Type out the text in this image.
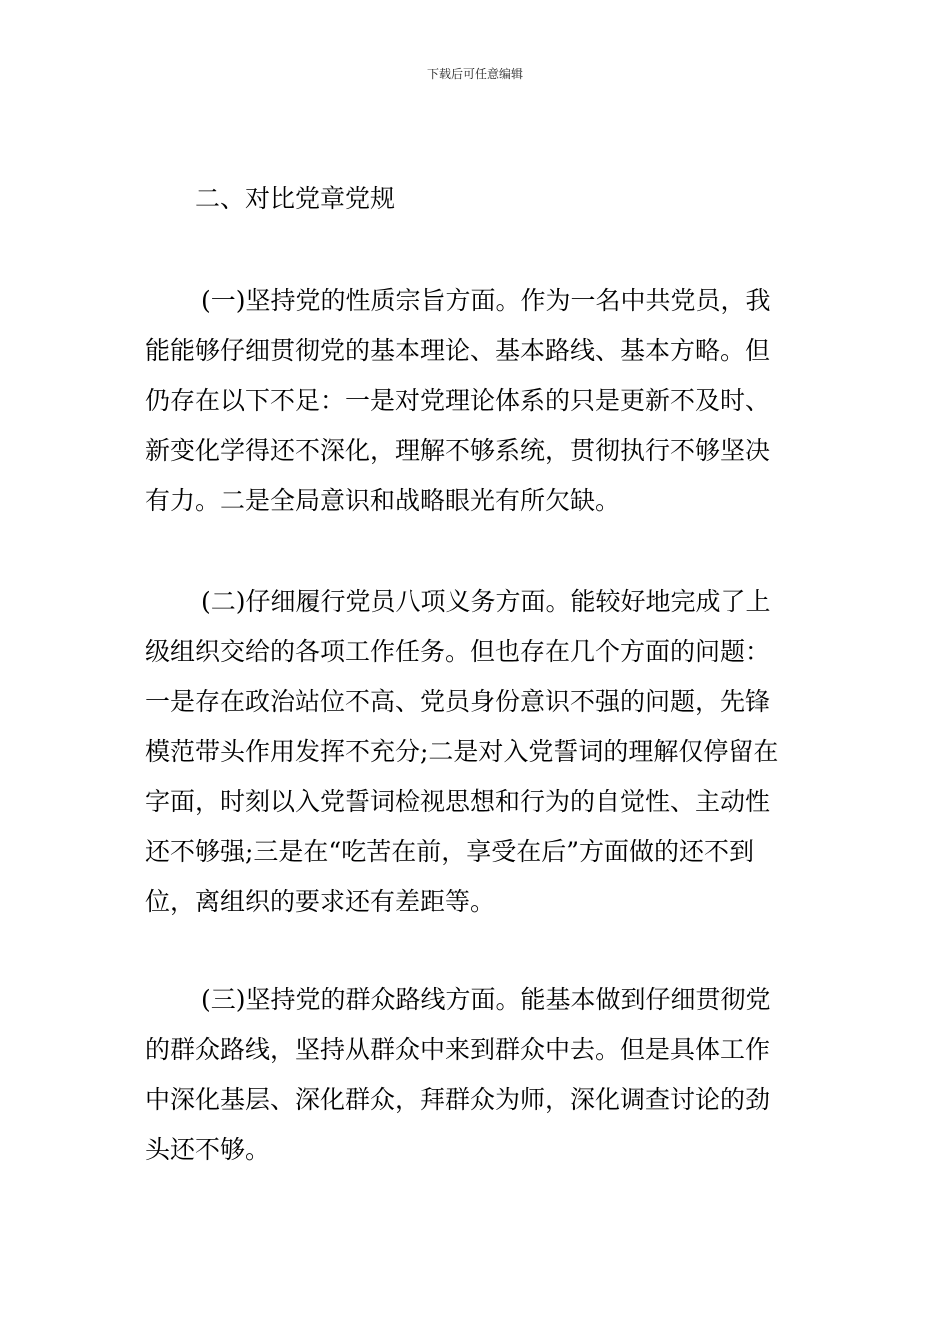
下载后可任意编辑
二、对比党章党规
(一)坚持党的性质宗旨方面。作为一名中共党员，我
能能够仔细贯彻党的基本理论、基本路线、基本方略。但
仍存在以下不足：一是对党理论体系的只是更新不及时、
新变化学得还不深化，理解不够系统，贯彻执行不够坚决
有力。二是全局意识和战略眼光有所欠缺。
(二)仔细履行党员八项义务方面。能较好地完成了上
级组织交给的各项工作任务。但也存在几个方面的问题：
一是存在政治站位不高、党员身份意识不强的问题，先锋
模范带头作用发挥不充分;二是对入党誓词的理解仅停留在
字面，时刻以入党誓词检视思想和行为的自觉性、主动性
还不够强;三是在“吃苦在前，享受在后”方面做的还不到
位，离组织的要求还有差距等。
(三)坚持党的群众路线方面。能基本做到仔细贯彻党
的群众路线，坚持从群众中来到群众中去。但是具体工作
中深化基层、深化群众，拜群众为师，深化调查讨论的劲
头还不够。
